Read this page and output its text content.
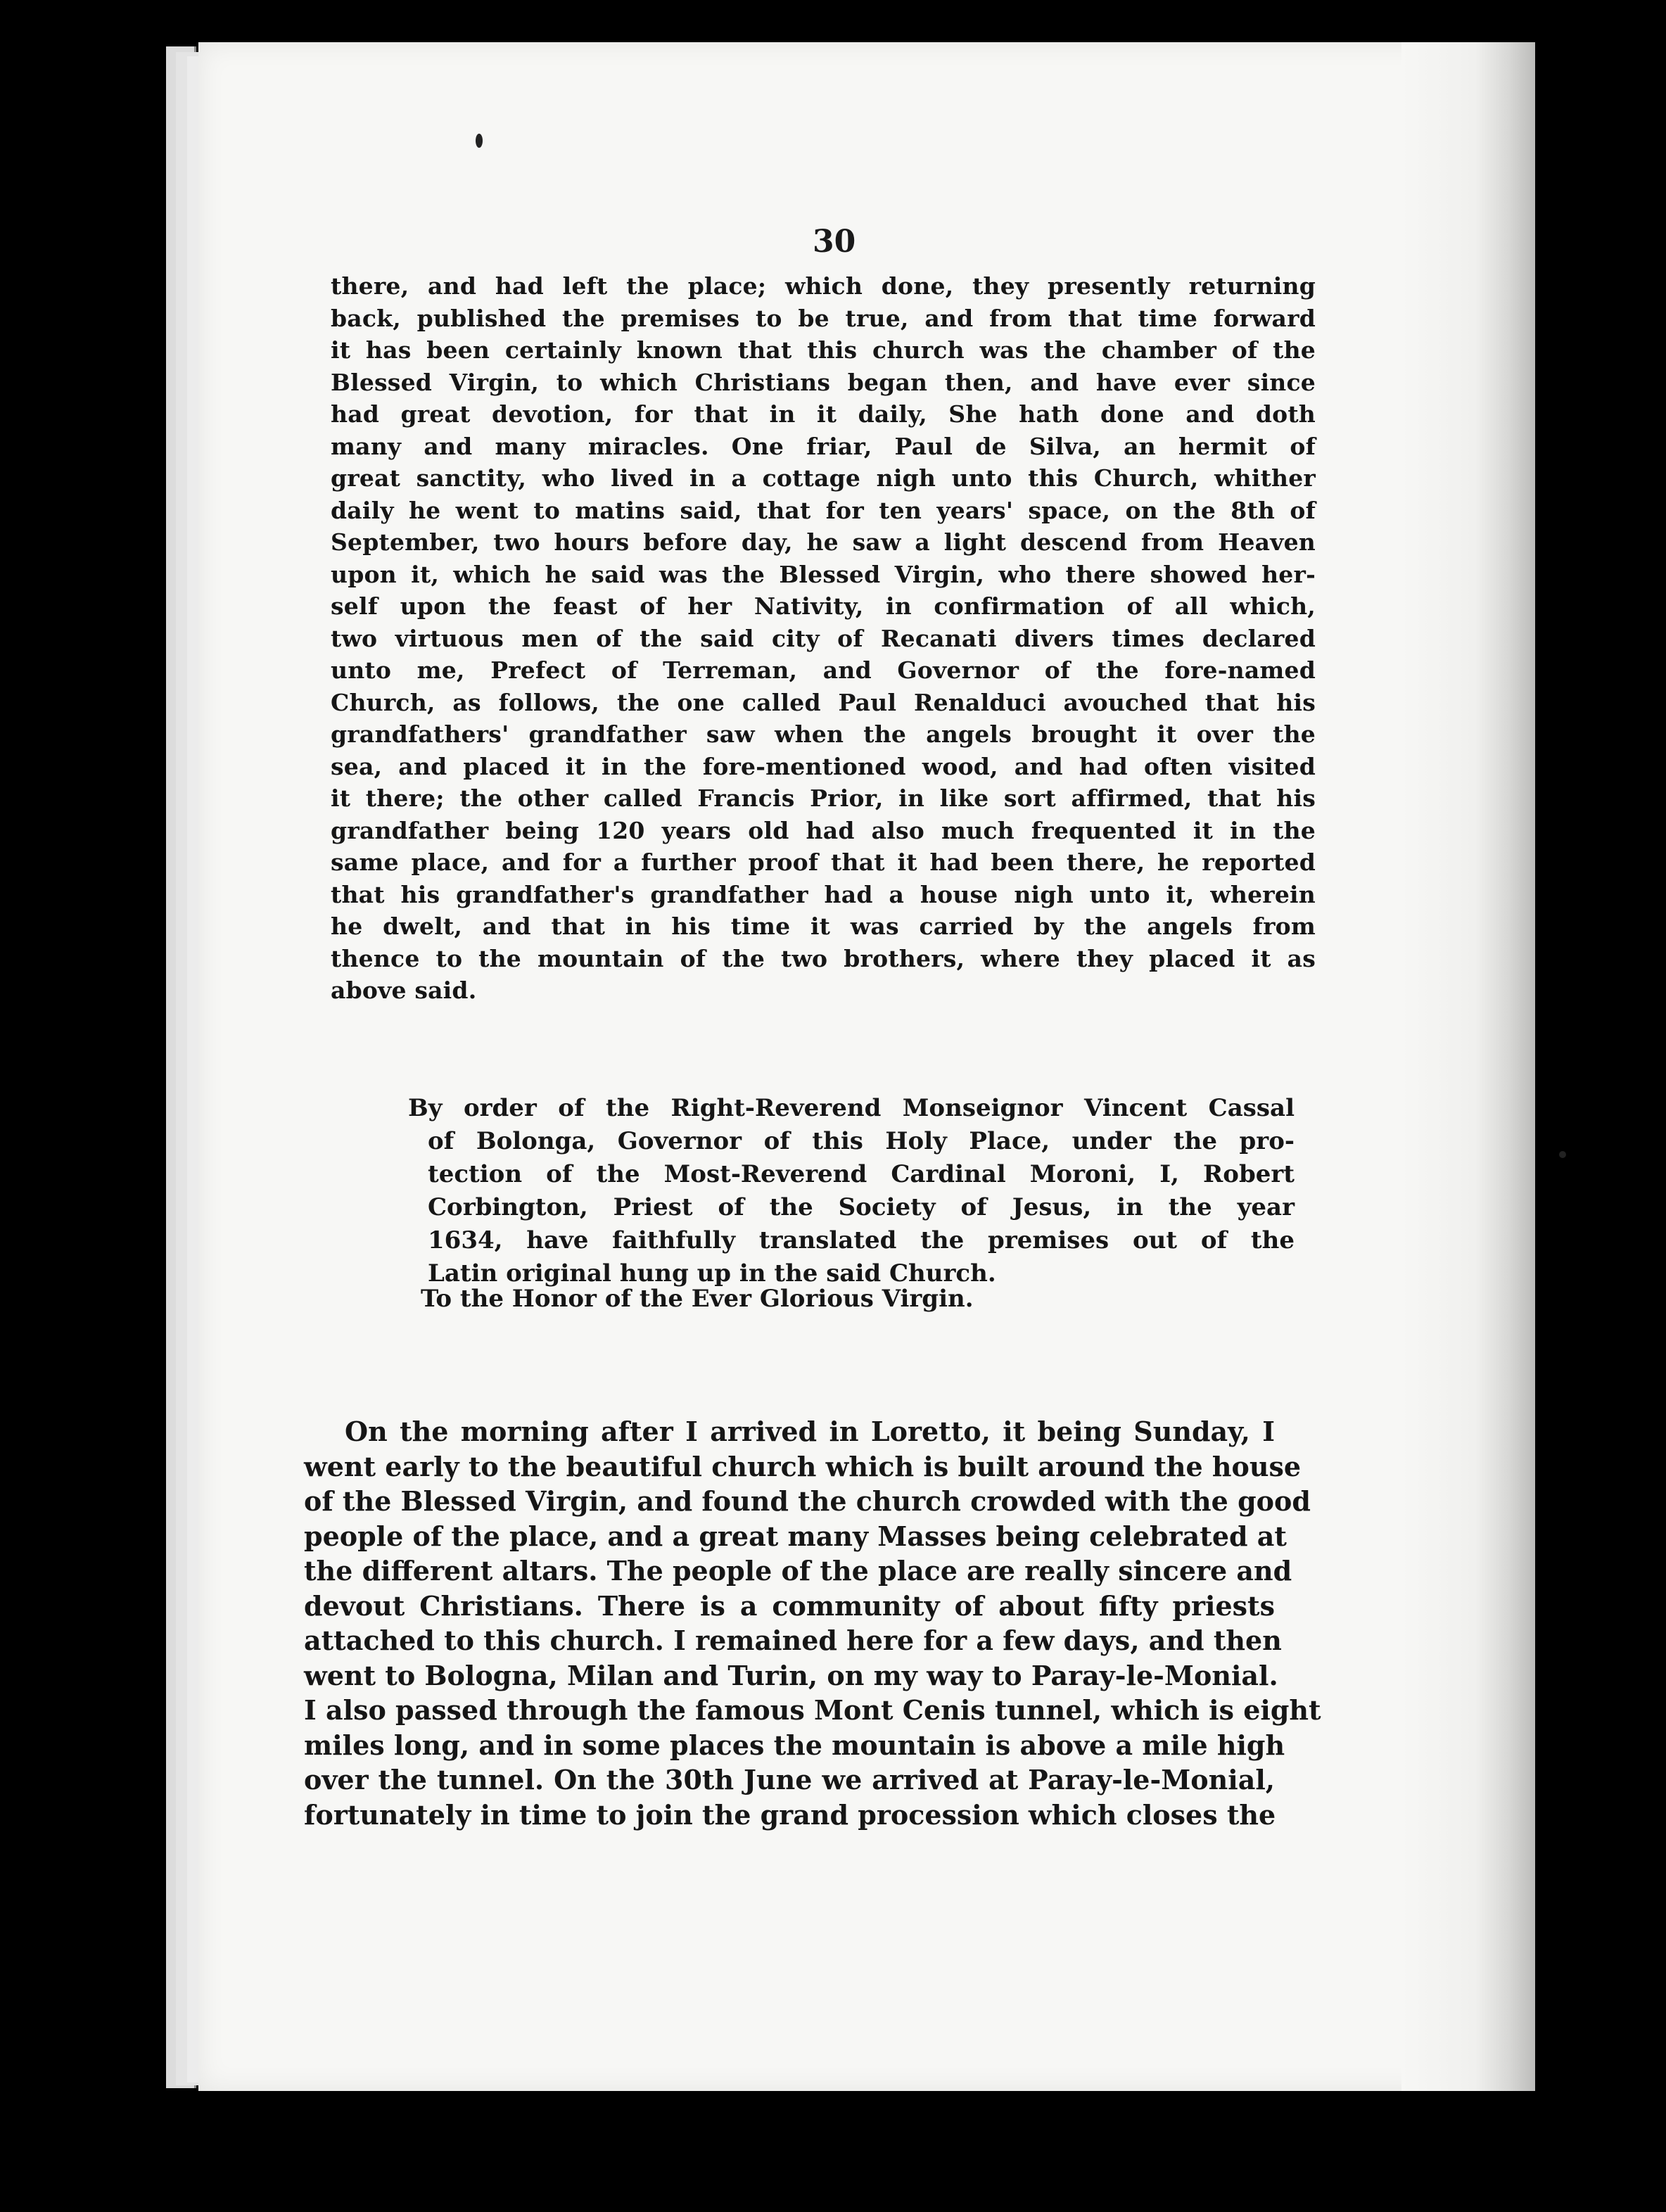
30
there, and had left the place; which done, they presently returning
back, published the premises to be true, and from that time forward
it has been certainly known that this church was the chamber of the
Blessed Virgin, to which Christians began then, and have ever since
had great devotion, for that in it daily, She hath done and doth
many and many miracles. One friar, Paul de Silva, an hermit of
great sanctity, who lived in a cottage nigh unto this Church, whither
daily he went to matins said, that for ten years' space, on the 8th of
September, two hours before day, he saw a light descend from Heaven
upon it, which he said was the Blessed Virgin, who there showed her-
self upon the feast of her Nativity, in confirmation of all which,
two virtuous men of the said city of Recanati divers times declared
unto me, Prefect of Terreman, and Governor of the fore-named
Church, as follows, the one called Paul Renalduci avouched that his
grandfathers' grandfather saw when the angels brought it over the
sea, and placed it in the fore-mentioned wood, and had often visited
it there; the other called Francis Prior, in like sort affirmed, that his
grandfather being 120 years old had also much frequented it in the
same place, and for a further proof that it had been there, he reported
that his grandfather's grandfather had a house nigh unto it, wherein
he dwelt, and that in his time it was carried by the angels from
thence to the mountain of the two brothers, where they placed it as
above said.
By order of the Right-Reverend Monseignor Vincent Cassal
of Bolonga, Governor of this Holy Place, under the pro-
tection of the Most-Reverend Cardinal Moroni, I, Robert
Corbington, Priest of the Society of Jesus, in the year
1634, have faithfully translated the premises out of the
Latin original hung up in the said Church.
To the Honor of the Ever Glorious Virgin.
On the morning after I arrived in Loretto, it being Sunday, I
went early to the beautiful church which is built around the house
of the Blessed Virgin, and found the church crowded with the good
people of the place, and a great many Masses being celebrated at
the different altars. The people of the place are really sincere and
devout Christians. There is a community of about fifty priests
attached to this church. I remained here for a few days, and then
went to Bologna, Milan and Turin, on my way to Paray-le-Monial.
I also passed through the famous Mont Cenis tunnel, which is eight
miles long, and in some places the mountain is above a mile high
over the tunnel. On the 30th June we arrived at Paray-le-Monial,
fortunately in time to join the grand procession which closes the
